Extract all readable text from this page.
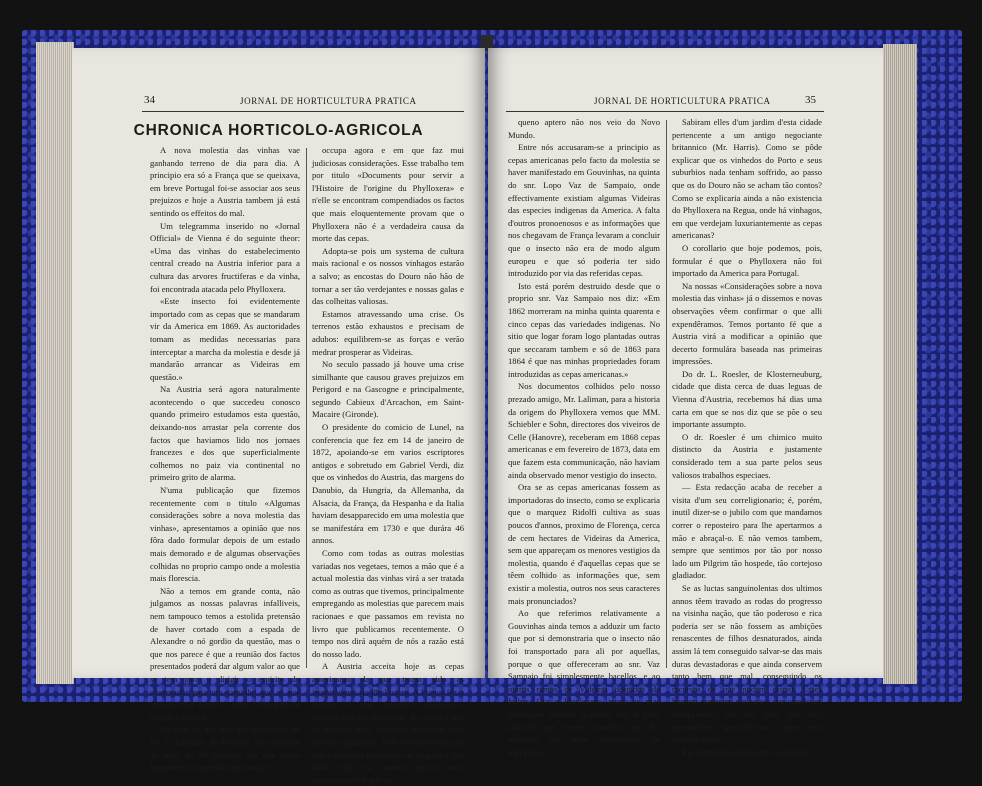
34	JORNAL DE HORTICULTURA PRATICA
CHRONICA HORTICOLO-AGRICOLA

A nova molestia das vinhas vae ganhando terreno de dia para dia. A principio era só a França que se queixava, em breve Portugal foi-se associar aos seus prejuizos e hoje a Austria tambem já está sentindo os effeitos do mal.

Um telegramma inserido no «Jornal Official» de Vienna é do seguinte theor: «Uma das vinhas do estabelecimento central creado na Austria inferior para a cultura das arvores fructiferas e da vinha, foi encontrada atacada pelo Phylloxera.

«Este insecto foi evidentemente importado com as cepas que se mandaram vir da America em 1869. As auctoridades tomam as medidas necessarias para interceptar a marcha da molestia e desde já mandarão arrancar as Videiras em questão.»

Na Austria será agora naturalmente acontecendo o que succedeu conosco quando primeiro estudamos esta questão, deixando-nos arrastar pela corrente dos factos que haviamos lido nos jornaes francezes e dos que superficialmente colhemos no paiz via continental no primeiro grito de alarma.

N'uma publicação que fizemos recentemente com o titulo «Algumas considerações sobre a nova molestia das vinhas», apresentamos a opinião que nos fôra dado formular depois de um estado mais demorado e de algumas observações colhidas no proprio campo onde a molestia mais florescia.

Não a temos em grande conta, não julgamos as nossas palavras infalliveis, nem tampouco temos a estolida pretensão de haver cortado com a espada de Alexandre o nó gordio da questão, mas o que nos parece é que a reunião dos factos presentados poderá dar algum valor ao que se tem para o dirigir o espirito do observador para um caminho que se nos afigura mais seguro e mais certo para se chegar á verdade.

Ha dous ou tres dias que recebemos de Mr. L. Laliman, de Bordeus, um opusculo de mais de 60 paginas, em que tracta largamente da questão que nos pr e-

occupa agora e em que faz mui judiciosas considerações. Esse trabalho tem por titulo «Documents pour servir a l'Histoire de l'origine du Phylloxera» e n'elle se encontram compendiados os factos que mais eloquentemente provam que o Phylloxera não é a verdadeira causa da morte das cepas.

Adopta-se pois um systema de cultura mais racional e os nossos vinhagos estarão a salvo; as encostas do Douro não hão de tornar a ser tão verdejantes e nossas galas e das colheitas valiosas.

Estamos atravessando uma crise. Os terrenos estão exhaustos e precisam de adubos: equilibrem-se as forças e verão medrar prosperar as Videiras.

No seculo passado já houve uma crise similhante que causou graves prejuizos em Perigord e na Gascogne e principalmente, segundo Cabieux d'Arcachon, em Saint-Macaire (Gironde).

O presidente do comicio de Lunel, na conferencia que fez em 14 de janeiro de 1872, apoiando-se em varios escriptores antigos e sobretudo em Gabriel Verdi, diz que os vinhedos do Austria, das margens do Danubio, da Hungria, da Allemanha, da Alsacia, da França, da Hespanha e da Italia haviam desapparecido em uma molestia que se manifestára em 1730 e que durára 46 annos.

Como com todas as outras molestias variadas nos vegetaes, temos a mão que é a actual molestia das vinhas virá a ser tratada como as outras que tivemos, principalmente empregando as molestias que parecem mais racionaes e que passamos em revista no livro que publicamos recentemente. O tempo nos dirá aquém de nós a razão está do nosso lado.

A Austria acceita hoje as cepas americanas da que terem sido as importadoras do Phylloxera. A França fez o mesmo, e nós, devemos confessal-o, também nos deixámos sair de certos e que os homens mais elevados abraçaram esta opinião cegamente. Hoje reconhecemos que não estavamos laborando em engano e que ainda hoje na materia provas mais convincentes de que o e-

JORNAL DE HORTICULTURA PRATICA	35

queno aptero não nos veio do Novo Mundo.

Entre nós accusaram-se a principio as cepas americanas pelo facto da molestia se haver manifestado em Gouvinhas, na quinta do snr. Lopo Vaz de Sampaio, onde effectivamente existiam algumas Videiras das especies indigenas da America. A falta d'outros pronoenosos e as informações que nos chegavam de França levaram a concluir que o insecto não era de modo algum europeu e que só poderia ter sido introduzido por via das referidas cepas.

Isto está porém destruido desde que o proprio snr. Vaz Sampaio nos diz: «Em 1862 morreram na minha quinta quarenta e cinco cepas das variedades indigenas. No sitio que logar foram logo plantadas outras que seccaram tambem e só de 1863 para 1864 é que nas minhas propriedades foram introduzidas as cepas americanas.»

Nos documentos colhidos pelo nosso prezado amigo, Mr. Laliman, para a historia da origem do Phylloxera vemos que MM. Schiebler e Sohn, directores dos viveiros de Celle (Hanovre), receberam em 1868 cepas americanas e em fevereiro de 1873, data em que fazem esta communicação, não haviam ainda observado menor vestigio do insecto.

Ora se as cepas americanas fossem as importadoras do insecto, como se explicaria que o marquez Ridolfi cultiva as suas poucos d'annos, proximo de Florença, cerca de cem hectares de Videiras da America, sem que appareçam os menores vestigios da molestia, quando é d'aquellas cepas que se têem colhido as informações que, sem existir a molestia, outros nos seus caracteres mais pronunciados?

Ao que referimos relativamente a Gouvinhas ainda temos a adduzir um facto que por si demonstraria que o insecto não foi transportado para ali por aquellas, porque o que offereceram ao snr. Vaz Sampaio foi simplesmente bacellos, e ao outros ramos de Videiras despidos de folhas. Ora o Phylloxera, tendo as suas habitações somente as raizes, não se pode admittir que n'esses bacellos que lhe offerecia um meio conveniente de transporte.

Sabiram elles d'um jardim d'esta cidade pertencente a um antigo negociante britannico (Mr. Harris). Como se pôde explicar que os vinhedos do Porto e seus suburbios nada tenham soffrido, ao passo que os do Douro não se acham tão contos? Como se explicaria ainda a não existencia do Phylloxera na Regua, onde há vinhagos, em que verdejam luxuriantemente as cepas americanas?

O corollario que hoje podemos, pois, formular é que o Phylloxera não foi importado da America para Portugal.

Na nossas «Considerações sobre a nova molestia das vinhas» já o dissemos e novas observações vêem confirmar o que alli expendêramos. Temos portanto fé que a Austria virá a modificar a opinião que decerto formulára baseada nas primeiras impressões.

Do dr. L. Roesler, de Klosterneuburg, cidade que dista cerca de duas leguas de Vienna d'Austria, recebemos há dias uma carta em que se nos diz que se põe o seu importante assumpto.

O dr. Roesler é um chimico muito distincto da Austria e justamente considerado tem a sua parte pelos seus valiosos trabalhos especiaes.

— Esta redacção acaba de receber a visita d'um seu correligionario; é, porém, inutil dizer-se o jubilo com que mandamos correr o reposteiro para lhe apertarmos a mão e abraçal-o. E não vemos tambem, sempre que sentimos por tão por nosso lado um Pilgrim tão hospede, tão cortejoso gladiador.

Se as luctas sanguinolentas dos ultimos annos têem travado as rodas do progresso na visinha nação, que tão poderoso e rica poderia ser se não fossem as ambições renascentes de filhos desnaturados, ainda assim lá tem conseguido salvar-se das mais duras devastadoras e que ainda conservem tanto bem que mal, conseguindo os recursos de que podem dispôr. Esses homens merecem o elogio e que condições excepcionaes em que estão não lhes permittirem o gozo de nos os quaes nem estão os lares.

Em Barcelona existia uma Sociedade
